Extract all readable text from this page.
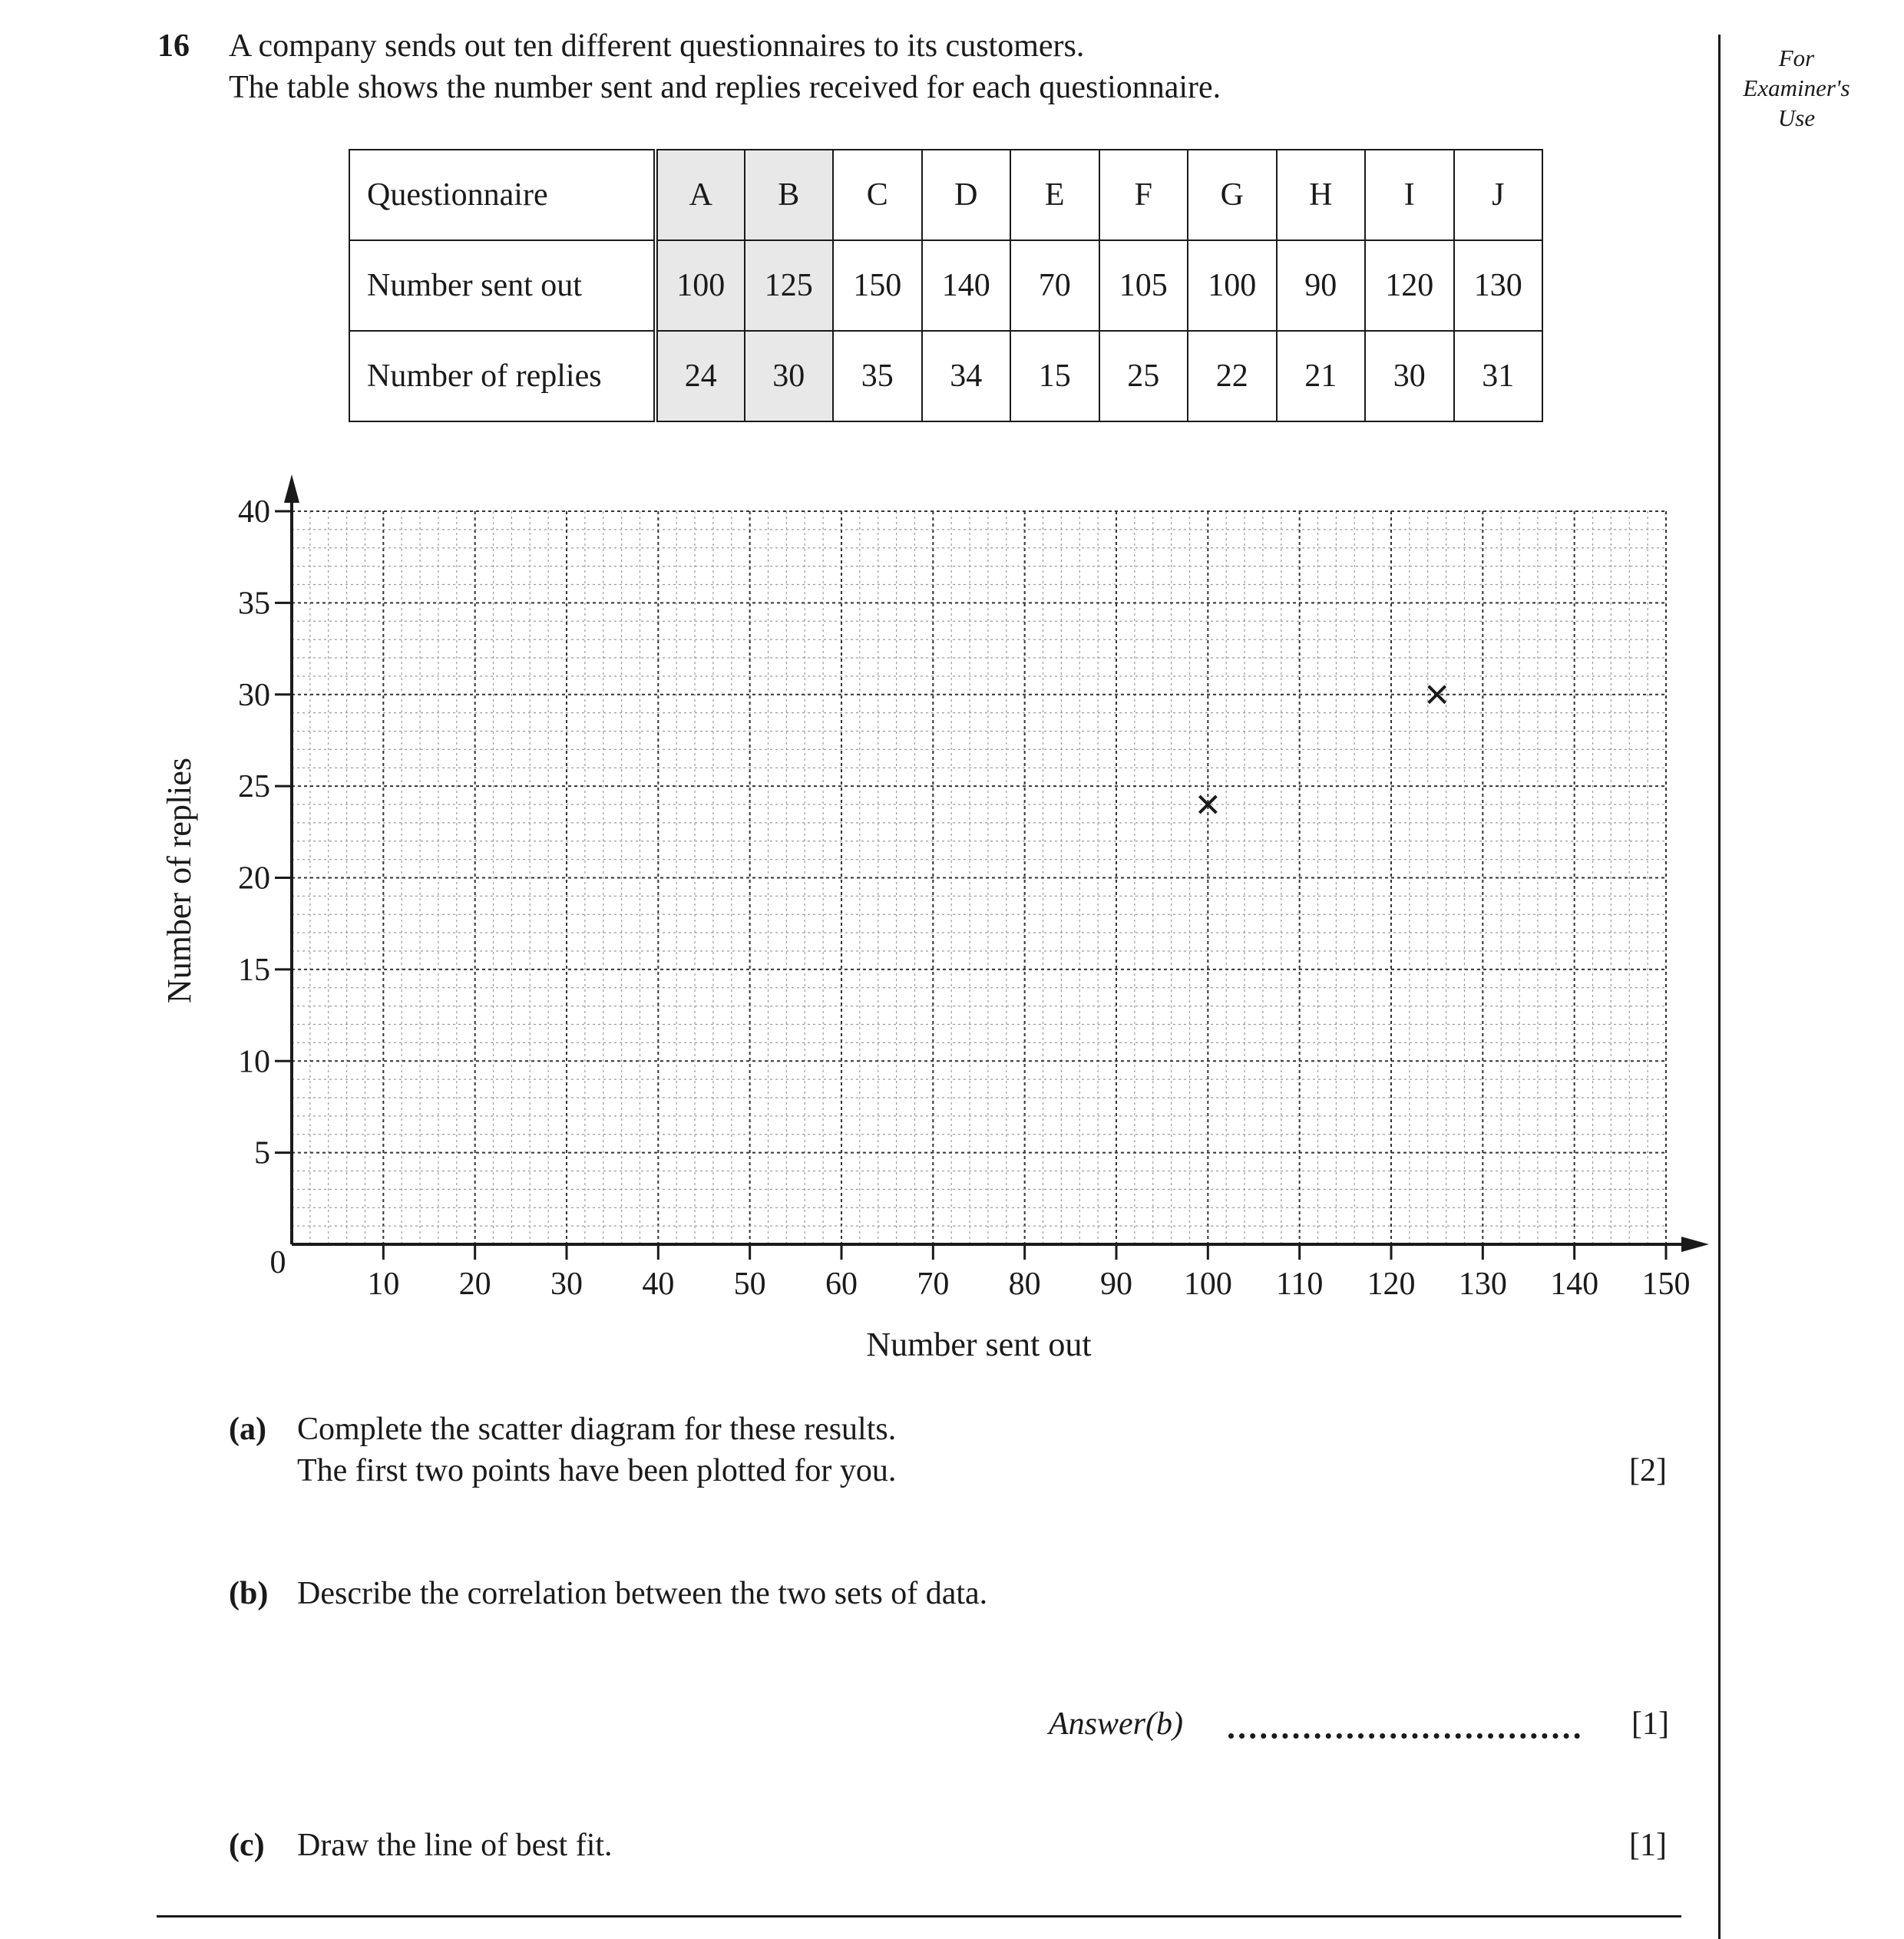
16 A company sends out ten different questionnaires to its customers.
The table shows the number sent and replies received for each questionnaire.
For
Examiner's
Use
Questionnaire	A	B	C	D	E	F	G	H	I	J
Number sent out	100	125	150	140	70	105	100	90	120	130
Number of replies	24	30	35	34	15	25	22	21	30	31
10 20 30 40 50 60 70 80 90 100 110 120 130 140 150
5
10
15
20
25
30
35
40
0
Number sent out
Number of replies
(a) Complete the scatter diagram for these results.
The first two points have been plotted for you.	[2]
(b) Describe the correlation between the two sets of data.
Answer(b)	[1]
(c) Draw the line of best fit.	[1]
